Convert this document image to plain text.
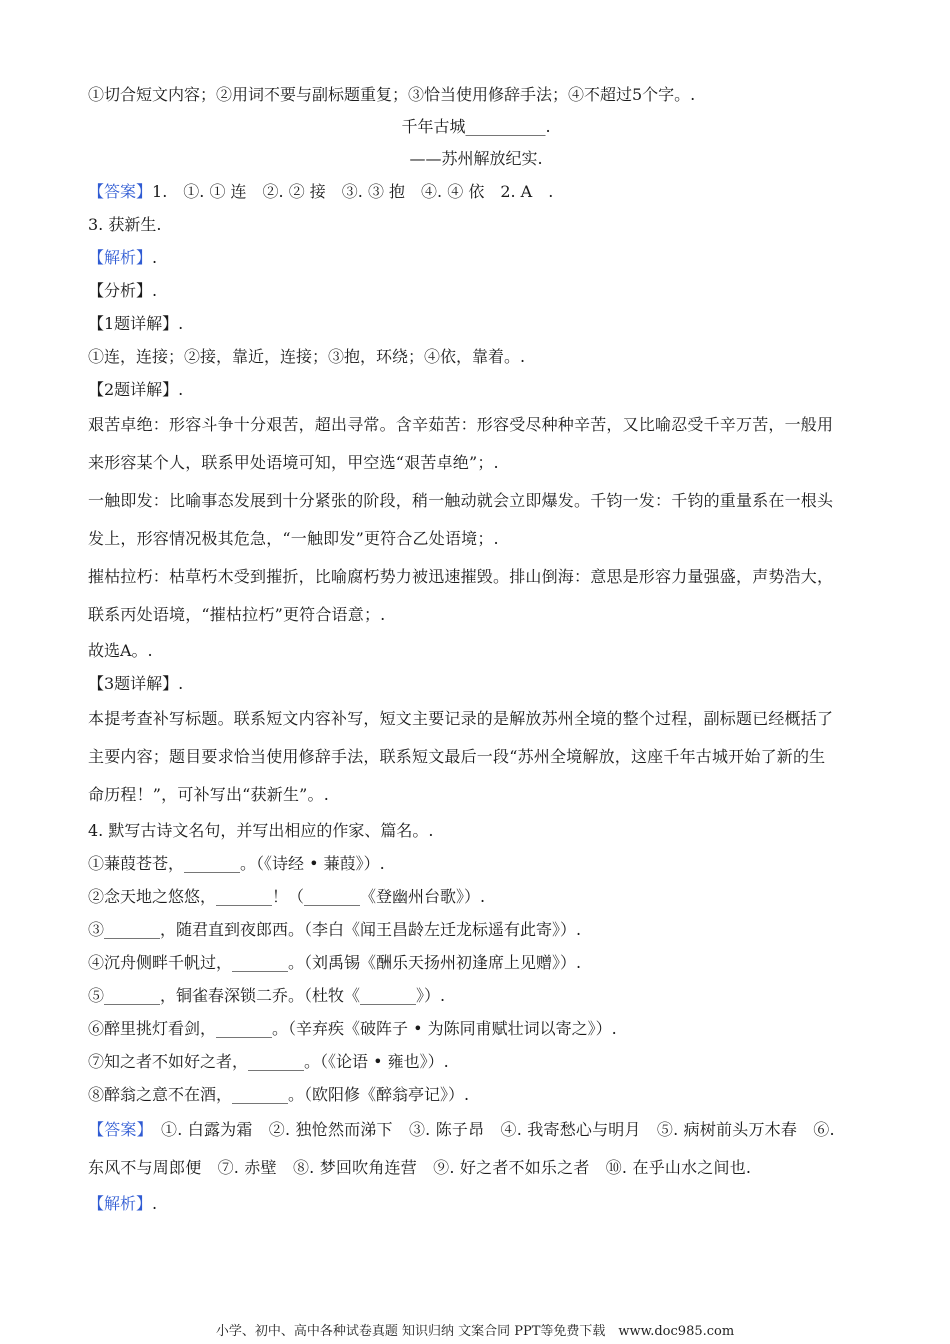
①切合短文内容；②用词不要与副标题重复；③恰当使用修辞手法；④不超过5个字。.
千年古城__________.
——苏州解放纪实.
【答案】1.　①. ① 连　②. ② 接　③. ③ 抱　④. ④ 依　2. A　.
3. 获新生.
【解析】.
【分析】.
【1题详解】.
①连，连接；②接，靠近，连接；③抱，环绕；④依，靠着。.
【2题详解】.
艰苦卓绝：形容斗争十分艰苦，超出寻常。含辛茹苦：形容受尽种种辛苦，又比喻忍受千辛万苦，一般用
来形容某个人，联系甲处语境可知，甲空选“艰苦卓绝”；.
一触即发：比喻事态发展到十分紧张的阶段，稍一触动就会立即爆发。千钧一发：千钧的重量系在一根头
发上，形容情况极其危急，“一触即发”更符合乙处语境；.
摧枯拉朽：枯草朽木受到摧折，比喻腐朽势力被迅速摧毁。排山倒海：意思是形容力量强盛，声势浩大，
联系丙处语境，“摧枯拉朽”更符合语意；.
故选A。.
【3题详解】.
本提考查补写标题。联系短文内容补写，短文主要记录的是解放苏州全境的整个过程，副标题已经概括了
主要内容；题目要求恰当使用修辞手法，联系短文最后一段“苏州全境解放，这座千年古城开始了新的生
命历程！”，可补写出“获新生”。.
4. 默写古诗文名句，并写出相应的作家、篇名。.
①蒹葭苍苍，_______。（《诗经 • 蒹葭》）.
②念天地之悠悠，_______！（_______《登幽州台歌》）.
③_______，随君直到夜郎西。（李白《闻王昌龄左迁龙标遥有此寄》）.
④沉舟侧畔千帆过，_______。（刘禹锡《酬乐天扬州初逢席上见赠》）.
⑤_______，铜雀春深锁二乔。（杜牧《_______》）.
⑥醉里挑灯看剑，_______。（辛弃疾《破阵子 • 为陈同甫赋壮词以寄之》）.
⑦知之者不如好之者，_______。（《论语 • 雍也》）.
⑧醉翁之意不在酒，_______。（欧阳修《醉翁亭记》）.
【答案】　①. 白露为霜　②. 独怆然而涕下　③. 陈子昂　④. 我寄愁心与明月　⑤. 病树前头万木春　⑥.
东风不与周郎便　⑦. 赤壁　⑧. 梦回吹角连营　⑨. 好之者不如乐之者　⑩. 在乎山水之间也.
【解析】.
小学、初中、高中各种试卷真题 知识归纳 文案合同 PPT等免费下载　www.doc985.com
